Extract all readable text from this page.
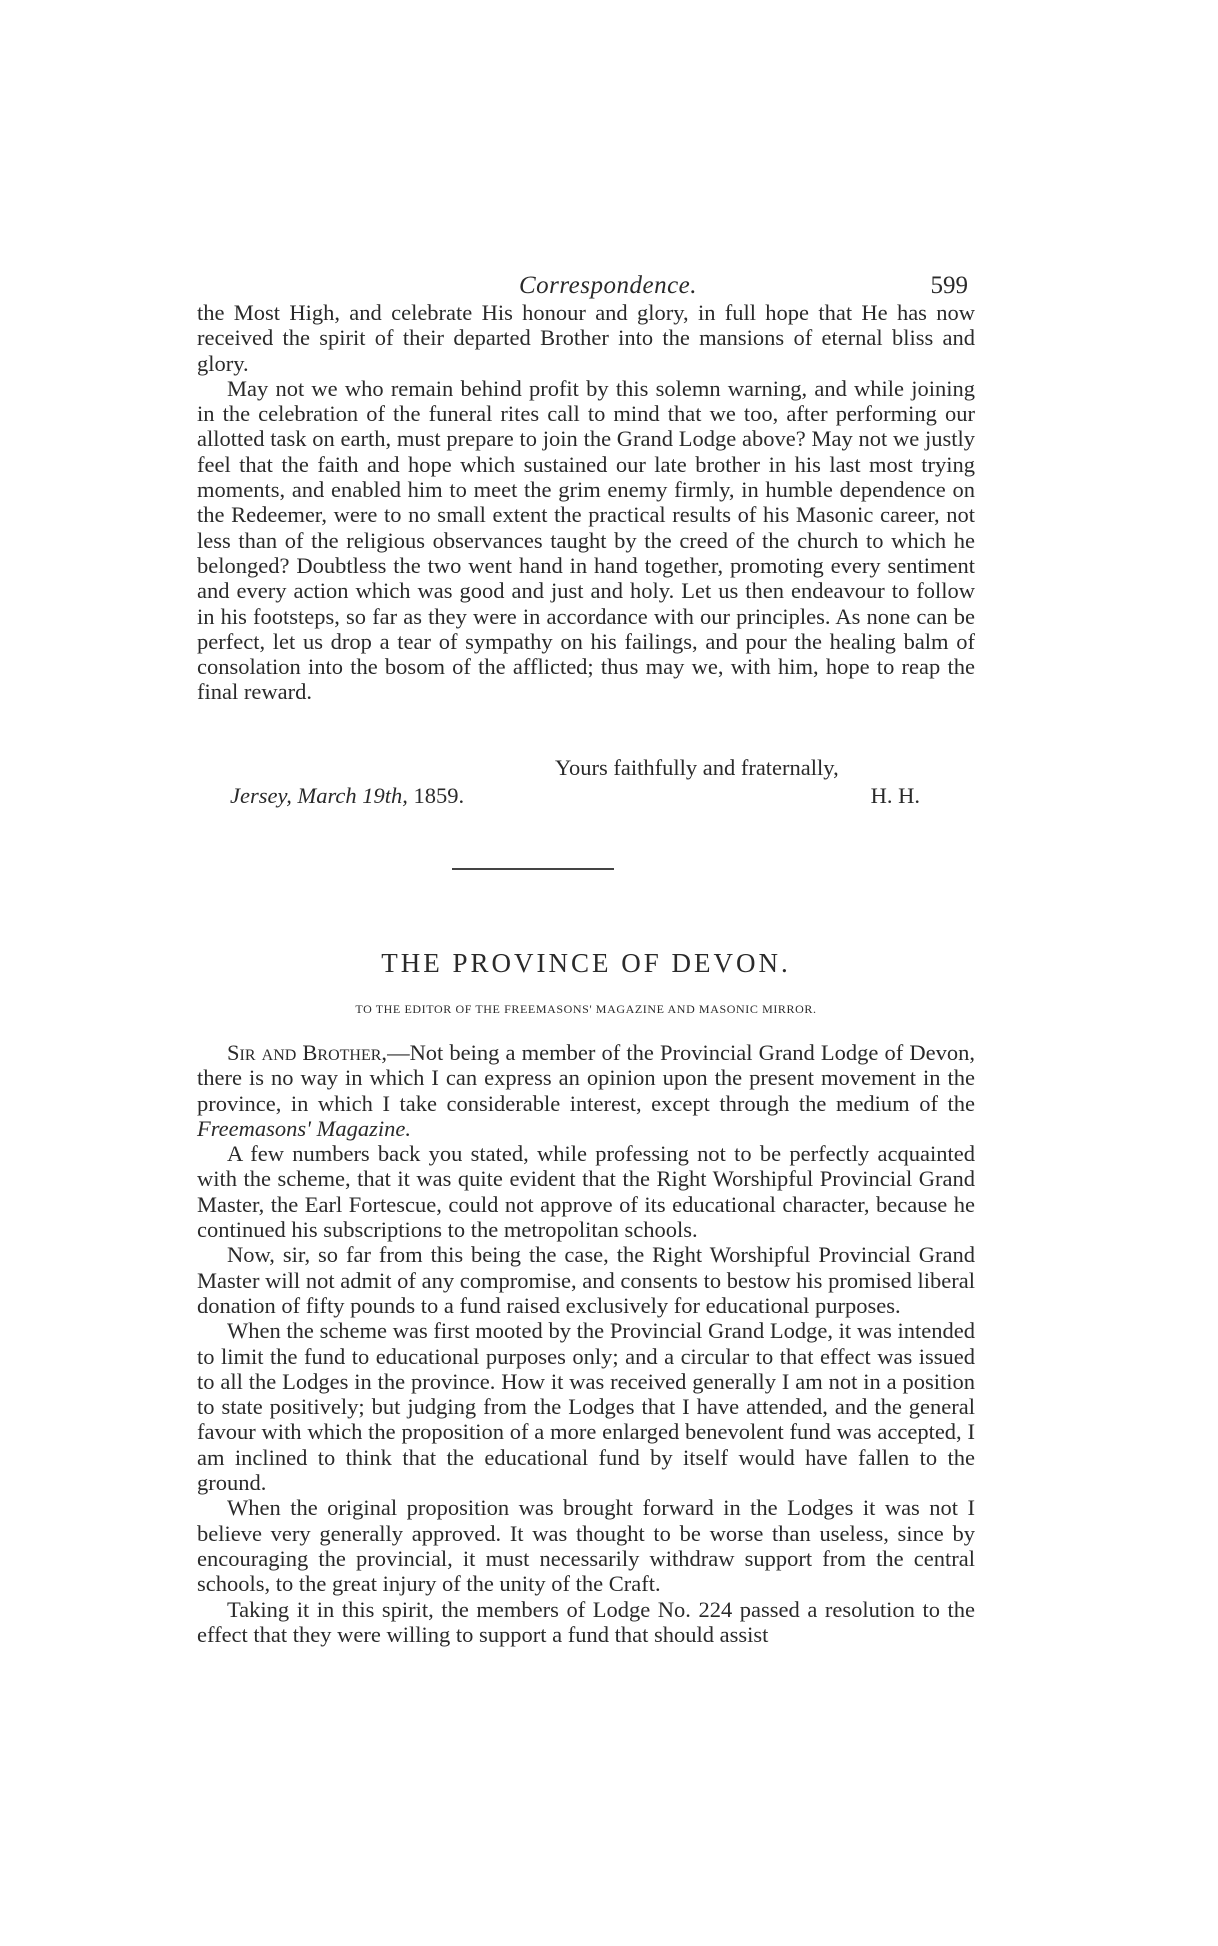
Correspondence.	599

the Most High, and celebrate His honour and glory, in full hope that He has now received the spirit of their departed Brother into the mansions of eternal bliss and glory.

May not we who remain behind profit by this solemn warning, and while joining in the celebration of the funeral rites call to mind that we too, after performing our allotted task on earth, must prepare to join the Grand Lodge above? May not we justly feel that the faith and hope which sustained our late brother in his last most trying moments, and enabled him to meet the grim enemy firmly, in humble dependence on the Redeemer, were to no small extent the practical results of his Masonic career, not less than of the religious observances taught by the creed of the church to which he belonged? Doubtless the two went hand in hand together, promoting every sentiment and every action which was good and just and holy. Let us then endeavour to follow in his footsteps, so far as they were in accordance with our principles. As none can be perfect, let us drop a tear of sympathy on his failings, and pour the healing balm of consolation into the bosom of the afflicted; thus may we, with him, hope to reap the final reward.

Yours faithfully and fraternally,
Jersey, March 19th, 1859.	H. H.
THE PROVINCE OF DEVON.
TO THE EDITOR OF THE FREEMASONS' MAGAZINE AND MASONIC MIRROR.

Sir and Brother,—Not being a member of the Provincial Grand Lodge of Devon, there is no way in which I can express an opinion upon the present movement in the province, in which I take considerable interest, except through the medium of the Freemasons' Magazine.

A few numbers back you stated, while professing not to be perfectly acquainted with the scheme, that it was quite evident that the Right Worshipful Provincial Grand Master, the Earl Fortescue, could not approve of its educational character, because he continued his subscriptions to the metropolitan schools.

Now, sir, so far from this being the case, the Right Worshipful Provincial Grand Master will not admit of any compromise, and consents to bestow his promised liberal donation of fifty pounds to a fund raised exclusively for educational purposes.

When the scheme was first mooted by the Provincial Grand Lodge, it was intended to limit the fund to educational purposes only; and a circular to that effect was issued to all the Lodges in the province. How it was received generally I am not in a position to state positively; but judging from the Lodges that I have attended, and the general favour with which the proposition of a more enlarged benevolent fund was accepted, I am inclined to think that the educational fund by itself would have fallen to the ground.

When the original proposition was brought forward in the Lodges it was not I believe very generally approved. It was thought to be worse than useless, since by encouraging the provincial, it must necessarily withdraw support from the central schools, to the great injury of the unity of the Craft.

Taking it in this spirit, the members of Lodge No. 224 passed a resolution to the effect that they were willing to support a fund that should assist
